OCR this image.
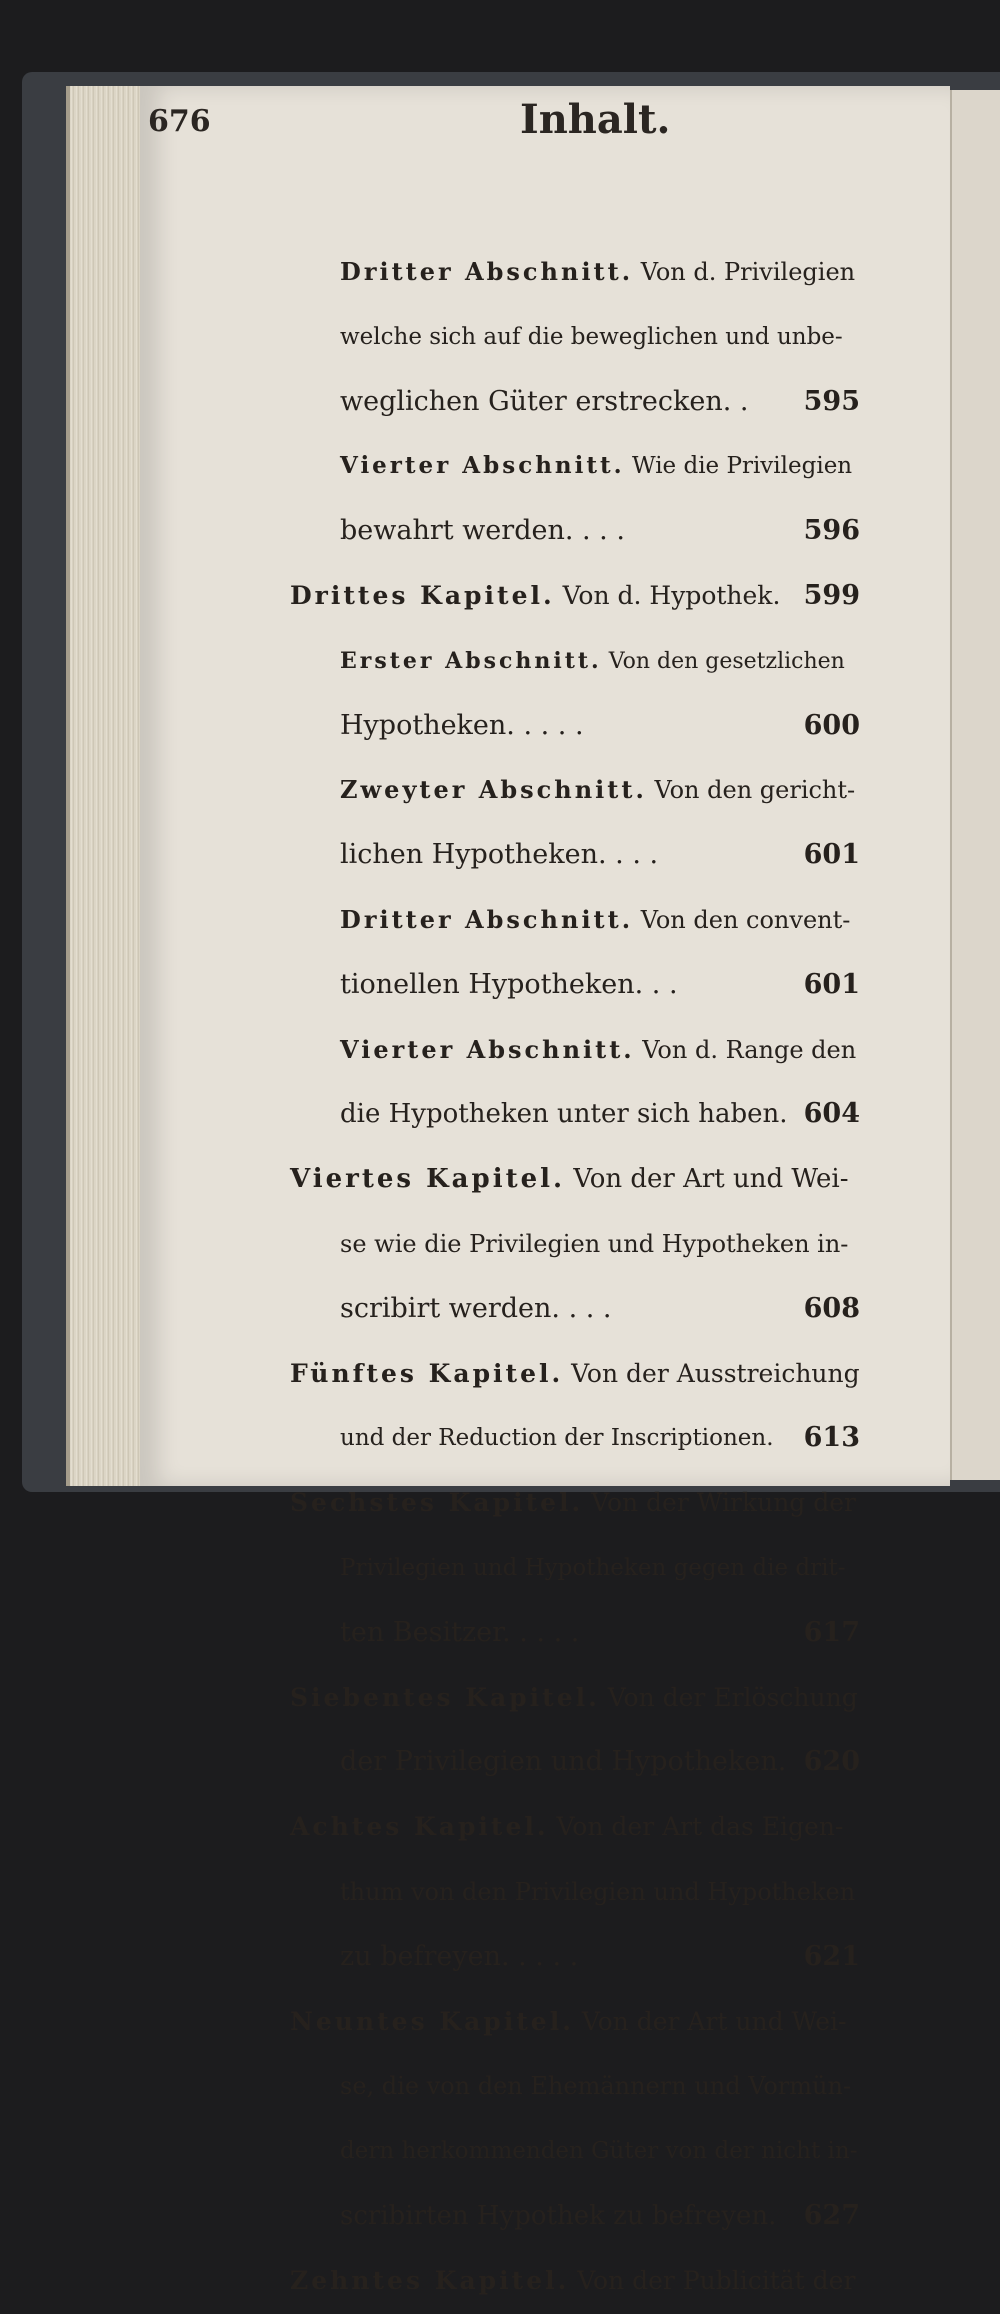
676	Inhalt.
Dritter Abschnitt. Von d. Privilegien
welche sich auf die beweglichen und unbe-
weglichen Güter erstrecken. . 595
Vierter Abschnitt. Wie die Privilegien
bewahrt werden. . . .	596
Drittes Kapitel. Von d. Hypothek. 599
Erster Abschnitt. Von den gesetzlichen
Hypotheken. . . . .	600
Zweyter Abschnitt. Von den gericht-
lichen Hypotheken. . . .	601
Dritter Abschnitt. Von den convent-
tionellen Hypotheken. . .	601
Vierter Abschnitt. Von d. Range den
die Hypotheken unter sich haben. 604
Viertes Kapitel. Von der Art und Wei-
se wie die Privilegien und Hypotheken in-
scribirt werden. . . .	608
Fünftes Kapitel. Von der Ausstreichung
und der Reduction der Inscriptionen. 613
Sechstes Kapitel. Von der Wirkung der
Privilegien und Hypotheken gegen die drit-
ten Besitzer. . . . .	617
Siebentes Kapitel. Von der Erlöschung
der Privilegien und Hypotheken. 620
Achtes Kapitel. Von der Art das Eigen-
thum von den Privilegien und Hypotheken
zu befreyen. . . . .	621
Neuntes Kapitel. Von der Art und Wei-
se, die von den Ehemännern und Vormün-
dern herkommenden Güter von der nicht in-
scribirten Hypothek zu befreyen. 627
Zehntes Kapitel. Von der Publicität der
